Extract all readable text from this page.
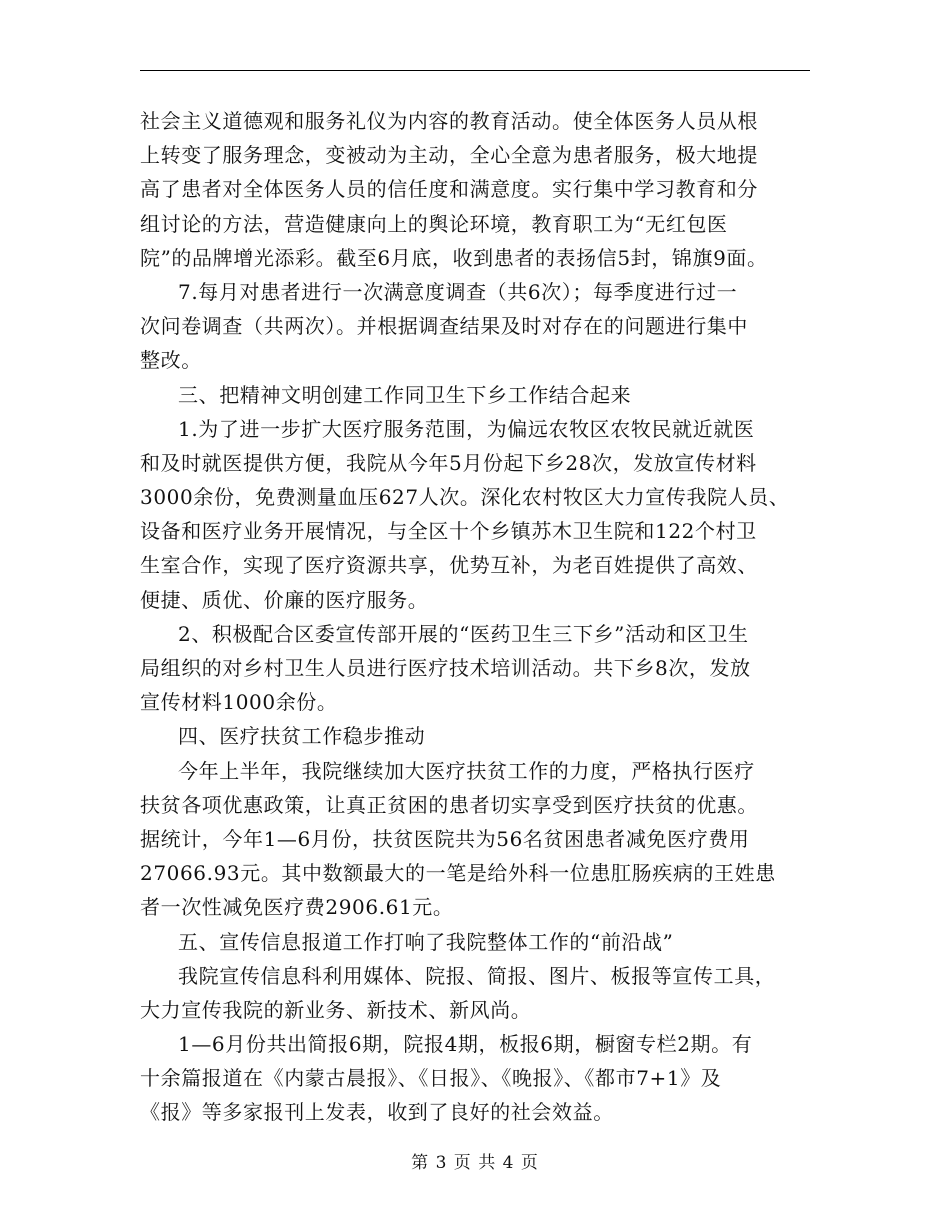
社会主义道德观和服务礼仪为内容的教育活动。使全体医务人员从根
上转变了服务理念，变被动为主动，全心全意为患者服务，极大地提
高了患者对全体医务人员的信任度和满意度。实行集中学习教育和分
组讨论的方法，营造健康向上的舆论环境，教育职工为“无红包医
院”的品牌增光添彩。截至6月底，收到患者的表扬信5封，锦旗9面。
7.每月对患者进行一次满意度调查（共6次）；每季度进行过一
次问卷调查（共两次）。并根据调查结果及时对存在的问题进行集中
整改。
三、把精神文明创建工作同卫生下乡工作结合起来
1.为了进一步扩大医疗服务范围，为偏远农牧区农牧民就近就医
和及时就医提供方便，我院从今年5月份起下乡28次，发放宣传材料
3000余份，免费测量血压627人次。深化农村牧区大力宣传我院人员、
设备和医疗业务开展情况，与全区十个乡镇苏木卫生院和122个村卫
生室合作，实现了医疗资源共享，优势互补，为老百姓提供了高效、
便捷、质优、价廉的医疗服务。
2、积极配合区委宣传部开展的“医药卫生三下乡”活动和区卫生
局组织的对乡村卫生人员进行医疗技术培训活动。共下乡8次，发放
宣传材料1000余份。
四、医疗扶贫工作稳步推动
今年上半年，我院继续加大医疗扶贫工作的力度，严格执行医疗
扶贫各项优惠政策，让真正贫困的患者切实享受到医疗扶贫的优惠。
据统计，今年1—6月份，扶贫医院共为56名贫困患者减免医疗费用
27066.93元。其中数额最大的一笔是给外科一位患肛肠疾病的王姓患
者一次性减免医疗费2906.61元。
五、宣传信息报道工作打响了我院整体工作的“前沿战”
我院宣传信息科利用媒体、院报、简报、图片、板报等宣传工具，
大力宣传我院的新业务、新技术、新风尚。
1—6月份共出简报6期，院报4期，板报6期，橱窗专栏2期。有
十余篇报道在《内蒙古晨报》、《日报》、《晚报》、《都市7+1》及
《报》等多家报刊上发表，收到了良好的社会效益。
第 3 页 共 4 页
